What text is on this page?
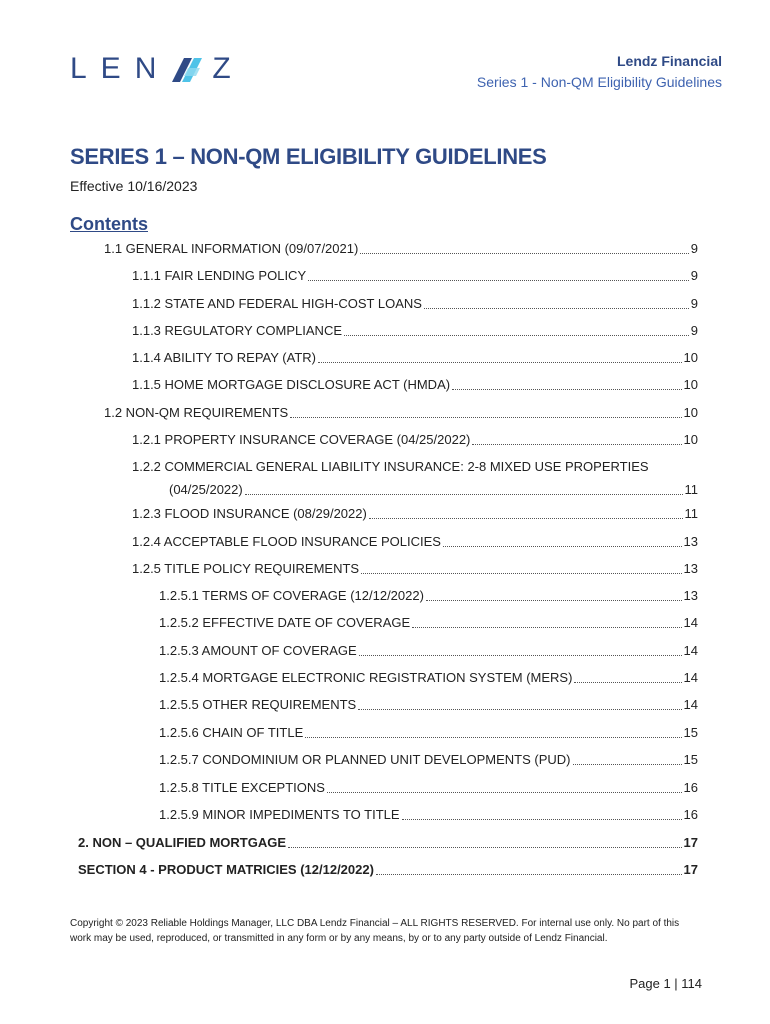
LEN Z	Lendz Financial
Series 1 - Non-QM Eligibility Guidelines
SERIES 1 – NON-QM ELIGIBILITY GUIDELINES
Effective 10/16/2023
Contents
1.1 GENERAL INFORMATION (09/07/2021)	9
1.1.1 FAIR LENDING POLICY	9
1.1.2 STATE AND FEDERAL HIGH-COST LOANS	9
1.1.3 REGULATORY COMPLIANCE	9
1.1.4 ABILITY TO REPAY (ATR)	10
1.1.5 HOME MORTGAGE DISCLOSURE ACT (HMDA)	10
1.2 NON-QM REQUIREMENTS	10
1.2.1 PROPERTY INSURANCE COVERAGE (04/25/2022)	10
1.2.2 COMMERCIAL GENERAL LIABILITY INSURANCE: 2-8 MIXED USE PROPERTIES
(04/25/2022)	11
1.2.3 FLOOD INSURANCE (08/29/2022)	11
1.2.4 ACCEPTABLE FLOOD INSURANCE POLICIES	13
1.2.5 TITLE POLICY REQUIREMENTS	13
1.2.5.1 TERMS OF COVERAGE (12/12/2022)	13
1.2.5.2 EFFECTIVE DATE OF COVERAGE	14
1.2.5.3 AMOUNT OF COVERAGE	14
1.2.5.4 MORTGAGE ELECTRONIC REGISTRATION SYSTEM (MERS)	14
1.2.5.5 OTHER REQUIREMENTS	14
1.2.5.6 CHAIN OF TITLE	15
1.2.5.7 CONDOMINIUM OR PLANNED UNIT DEVELOPMENTS (PUD)	15
1.2.5.8 TITLE EXCEPTIONS	16
1.2.5.9 MINOR IMPEDIMENTS TO TITLE	16
2. NON – QUALIFIED MORTGAGE	17
SECTION 4 - PRODUCT MATRICIES (12/12/2022)	17
Copyright © 2023 Reliable Holdings Manager, LLC DBA Lendz Financial – ALL RIGHTS RESERVED. For internal use only. No part of this work may be used, reproduced, or transmitted in any form or by any means, by or to any party outside of Lendz Financial.
Page 1 | 114
